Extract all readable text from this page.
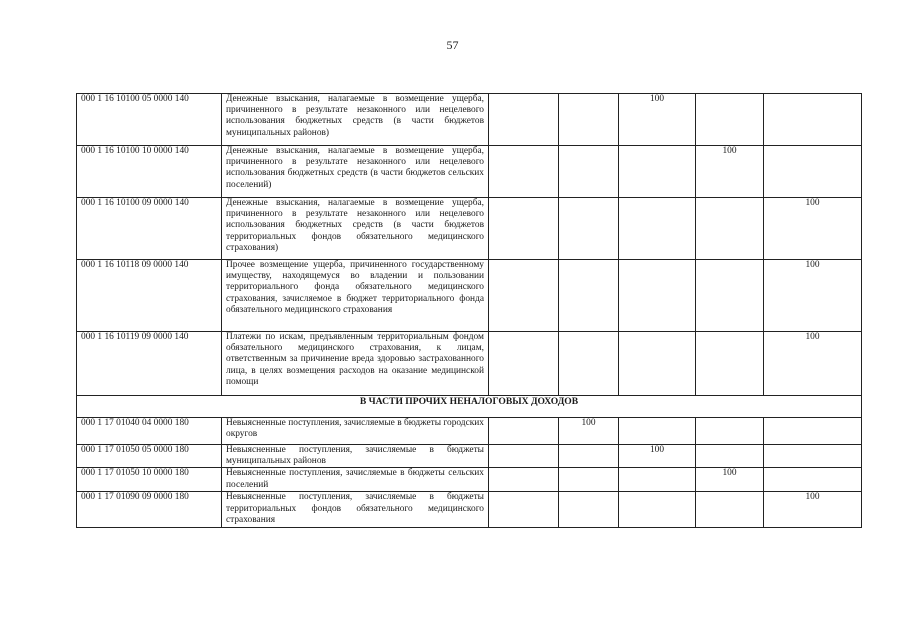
57
000 1 16 10100 05 0000 140	Денежные взыскания, налагаемые в возмещение ущерба, причиненного в результате незаконного или нецелевого использования бюджетных средств (в части бюджетов муниципальных районов)			100		
000 1 16 10100 10 0000 140	Денежные взыскания, налагаемые в возмещение ущерба, причиненного в результате незаконного или нецелевого использования бюджетных средств (в части бюджетов сельских поселений)				100	
000 1 16 10100 09 0000 140	Денежные взыскания, налагаемые в возмещение ущерба, причиненного в результате незаконного или нецелевого использования бюджетных средств (в части бюджетов территориальных фондов обязательного медицинского страхования)					100
000 1 16 10118 09 0000 140	Прочее возмещение ущерба, причиненного государственному имуществу, находящемуся во владении и пользовании территориального фонда обязательного медицинского страхования, зачисляемое в бюджет территориального фонда обязательного медицинского страхования					100
000 1 16 10119 09 0000 140	Платежи по искам, предъявленным территориальным фондом обязательного медицинского страхования, к лицам, ответственным за причинение вреда здоровью застрахованного лица, в целях возмещения расходов на оказание медицинской помощи					100
В ЧАСТИ ПРОЧИХ НЕНАЛОГОВЫХ ДОХОДОВ						
000 1 17 01040 04 0000 180	Невыясненные поступления, зачисляемые в бюджеты городских округов		100			
000 1 17 01050 05 0000 180	Невыясненные поступления, зачисляемые в бюджеты муниципальных районов			100		
000 1 17 01050 10 0000 180	Невыясненные поступления, зачисляемые в бюджеты сельских поселений				100	
000 1 17 01090 09 0000 180	Невыясненные поступления, зачисляемые в бюджеты территориальных фондов обязательного медицинского страхования					100
